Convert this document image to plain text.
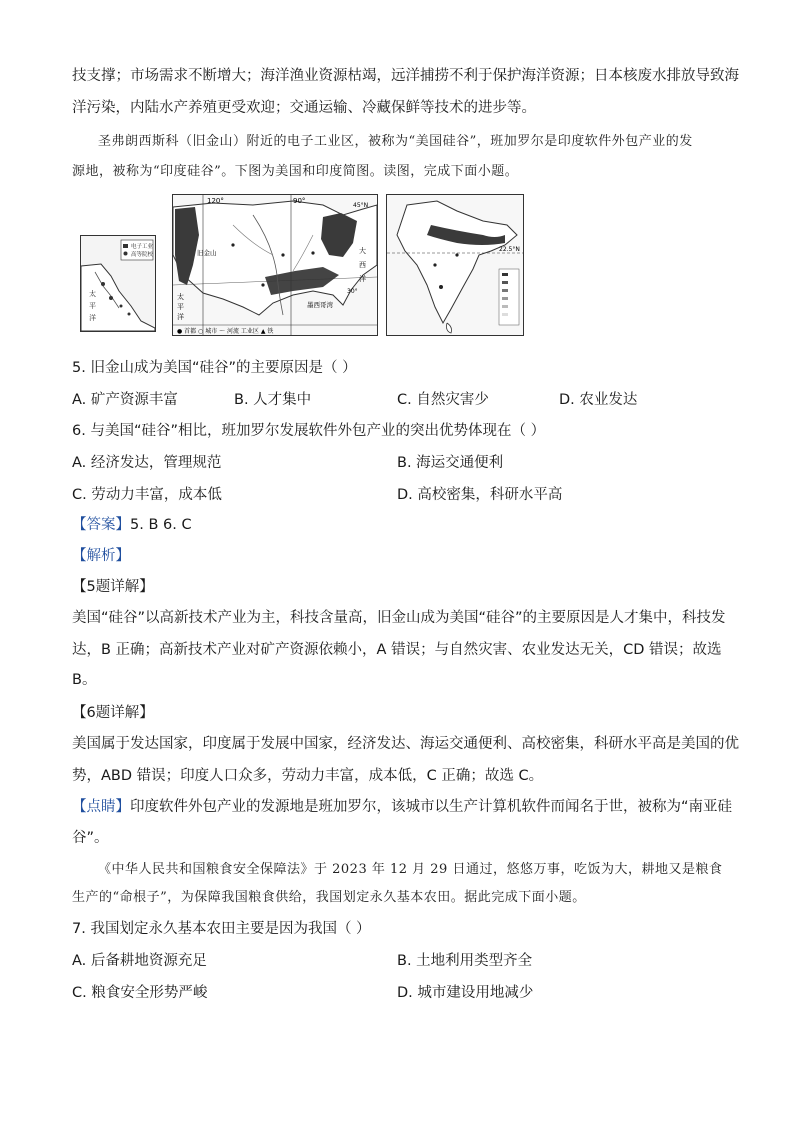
技支撑；市场需求不断增大；海洋渔业资源枯竭，远洋捕捞不利于保护海洋资源；日本核废水排放导致海
洋污染，内陆水产养殖更受欢迎；交通运输、冷藏保鲜等技术的进步等。
圣弗朗西斯科（旧金山）附近的电子工业区，被称为“美国硅谷”，班加罗尔是印度软件外包产业的发
源地，被称为“印度硅谷”。下图为美国和印度简图。读图，完成下面小题。
电子工业
高等院校
太
平
洋
120°	90°
45°N
旧金山	大
西
洋
太
平
洋
墨西哥湾
30°
● 首都 ○ 城市 〜 河流 工业区 ▲ 铁
22.5°N
5. 旧金山成为美国“硅谷”的主要原因是（ ）
A. 矿产资源丰富	B. 人才集中	C. 自然灾害少	D. 农业发达
6. 与美国“硅谷”相比，班加罗尔发展软件外包产业的突出优势体现在（ ）
A. 经济发达，管理规范	B. 海运交通便利
C. 劳动力丰富，成本低	D. 高校密集，科研水平高
【答案】5. B 6. C
【解析】
【5题详解】
美国“硅谷”以高新技术产业为主，科技含量高，旧金山成为美国“硅谷”的主要原因是人才集中，科技发
达，B 正确；高新技术产业对矿产资源依赖小，A 错误；与自然灾害、农业发达无关，CD 错误；故选
B。
【6题详解】
美国属于发达国家，印度属于发展中国家，经济发达、海运交通便利、高校密集，科研水平高是美国的优
势，ABD 错误；印度人口众多，劳动力丰富，成本低，C 正确；故选 C。
【点睛】印度软件外包产业的发源地是班加罗尔，该城市以生产计算机软件而闻名于世，被称为“南亚硅
谷”。
《中华人民共和国粮食安全保障法》于 2023 年 12 月 29 日通过，悠悠万事，吃饭为大，耕地又是粮食
生产的“命根子”，为保障我国粮食供给，我国划定永久基本农田。据此完成下面小题。
7. 我国划定永久基本农田主要是因为我国（ ）
A. 后备耕地资源充足	B. 土地利用类型齐全
C. 粮食安全形势严峻	D. 城市建设用地减少
